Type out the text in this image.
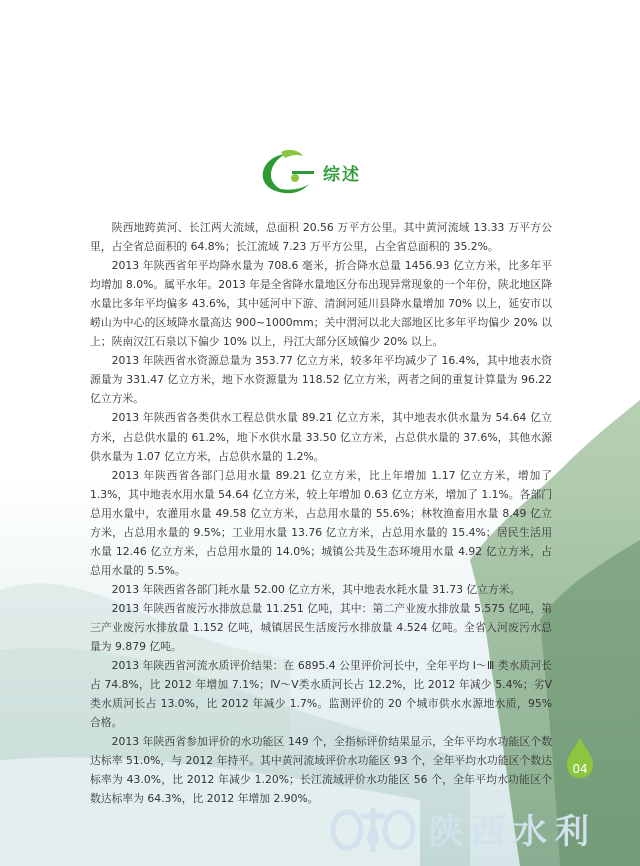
综述

陕西地跨黄河、长江两大流域，总面积 20.56 万平方公里。其中黄河流域 13.33 万平方公里，占全省总面积的 64.8%；长江流域 7.23 万平方公里，占全省总面积的 35.2%。

2013 年陕西省年平均降水量为 708.6 毫米，折合降水总量 1456.93 亿立方米，比多年平均增加 8.0%。属平水年。2013 年是全省降水量地区分布出现异常现象的一个年份，陕北地区降水量比多年平均偏多 43.6%，其中延河中下游、清涧河延川县降水量增加 70% 以上，延安市以崂山为中心的区域降水量高达 900~1000mm；关中渭河以北大部地区比多年平均偏少 20% 以上；陕南汉江石泉以下偏少 10% 以上，丹江大部分区域偏少 20% 以上。

2013 年陕西省水资源总量为 353.77 亿立方米，较多年平均减少了 16.4%，其中地表水资源量为 331.47 亿立方米，地下水资源量为 118.52 亿立方米，两者之间的重复计算量为 96.22 亿立方米。

2013 年陕西省各类供水工程总供水量 89.21 亿立方米，其中地表水供水量为 54.64 亿立方米，占总供水量的 61.2%，地下水供水量 33.50 亿立方米，占总供水量的 37.6%，其他水源供水量为 1.07 亿立方米，占总供水量的 1.2%。

2013 年陕西省各部门总用水量 89.21 亿立方米，比上年增加 1.17 亿立方米，增加了 1.3%，其中地表水用水量 54.64 亿立方米，较上年增加 0.63 亿立方米，增加了 1.1%。各部门总用水量中，农灌用水量 49.58 亿立方米，占总用水量的 55.6%；林牧渔畜用水量 8.49 亿立方米，占总用水量的 9.5%；工业用水量 13.76 亿立方米，占总用水量的 15.4%；居民生活用水量 12.46 亿立方米，占总用水量的 14.0%；城镇公共及生态环境用水量 4.92 亿立方米，占总用水量的 5.5%。

2013 年陕西省各部门耗水量 52.00 亿立方米，其中地表水耗水量 31.73 亿立方米。

2013 年陕西省废污水排放总量 11.251 亿吨，其中：第二产业废水排放量 5.575 亿吨，第三产业废污水排放量 1.152 亿吨，城镇居民生活废污水排放量 4.524 亿吨。全省入河废污水总量为 9.879 亿吨。

2013 年陕西省河流水质评价结果：在 6895.4 公里评价河长中，全年平均 Ⅰ～Ⅲ 类水质河长占 74.8%，比 2012 年增加 7.1%；Ⅳ～Ⅴ类水质河长占 12.2%，比 2012 年减少 5.4%；劣Ⅴ类水质河长占 13.0%，比 2012 年减少 1.7%。监测评价的 20 个城市供水水源地水质，95% 合格。

2013 年陕西省参加评价的水功能区 149 个，全指标评价结果显示，全年平均水功能区个数达标率 51.0%，与 2012 年持平。其中黄河流域评价水功能区 93 个，全年平均水功能区个数达标率为 43.0%，比 2012 年减少 1.20%；长江流域评价水功能区 56 个，全年平均水功能区个数达标率为 64.3%，比 2012 年增加 2.90%。

04
陕西水利
